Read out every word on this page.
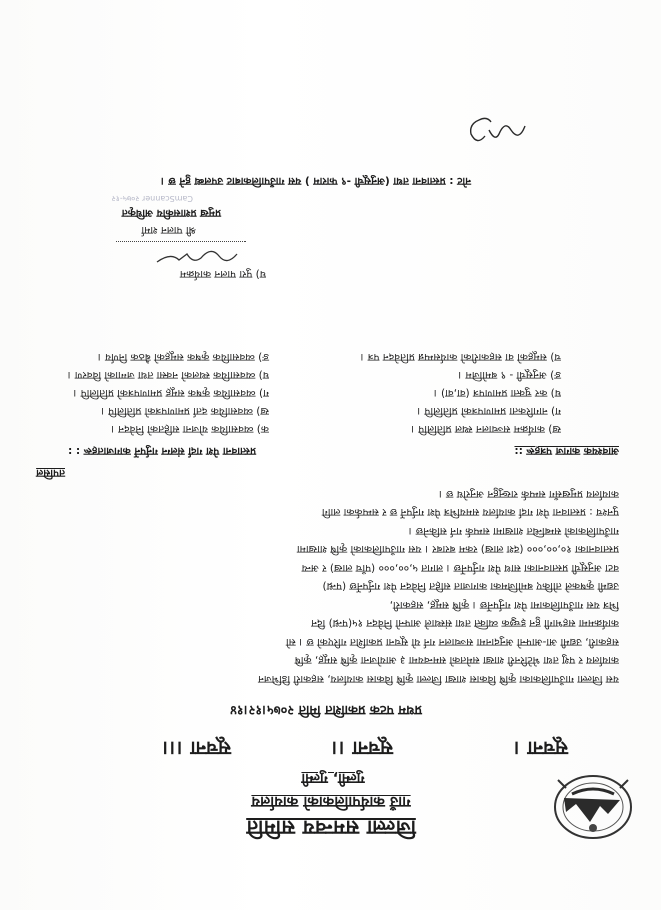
जिल्ला समन्वय समिति
गाउँ कार्यपालिकाको कार्यालय
गुल्मी, गुल्मी
सूचना ।
सूचना ।।
सूचना ।।।
प्रथम पटक प्रकाशित मिति २०७५।१२।१४
यस जिल्ला गाउँपालिकाका कृषि विकास शाखा जिल्ला कृषि विकास कार्यालय, सहकारी डिभिजन
कार्यालय र पशु तथा भेटेरिनरी शाखा समेतको समन्वयमा ३ आयोजना कृषि समूह, कृषि
सहकारी, उद्यमी आ-आफ्नो अनुदानमा सञ्चालन गर्न यो सूचना प्रकाशित गरिएको छ । सो
कार्यक्रममा सहभागी हुन इच्छुक व्यक्ति तथा संस्थाले आफ्नो निवेदन १५(पन्ध्र) दिन
भित्र यस गाउँपालिकामा पेश गर्नुपर्नेछ । कृषि समूह, सहकारी,
उद्यमी कृषकले तोकिए बमोजिमका कागजात सहित निवेदन पेश गर्नुपर्नेछ (पन्ध्र)
वटा अनुसूची प्रस्तावनाका साथ पेश गर्नुपर्नेछ । लागत ५,००,००० (पाँच लाख) र अन्य
प्रस्तावनाका १०,००,००० (दश लाख) रकम बराबर । यस गाउँपालिकाको कृषि शाखामा
गाउँपालिकाको सम्बन्धित शाखामा सम्पर्क गर्न सकिनेछ ।
पुनश्च : प्रस्तावना पेश गर्दा कार्यालय समयभित्र पेश गर्नुपर्ने छ र सम्पर्कका लागि
कार्यालय प्रमुखसँग सम्पर्क राख्नुहुन अनुरोध छ ।
तपसिल
आवश्यक कागज पत्रहरू ::
प्रस्तावना पेश गर्दा संलग्न गर्नुपर्ने कागजातहरू : :
क) व्यवसायिक योजना सहितको निवेदन ।
ख) व्यवसायिक दर्ता प्रमाणपत्रको प्रतिलिपि ।
ग) व्यवसायिक कृषक समूह प्रमाणपत्रको प्रतिलिपि ।
घ) व्यवसायिक स्थलको नक्सा तथा जग्गाको विवरण ।
ङ) व्यवसायिक कृषक समूहको बैठक निर्णय ।
ख) कार्यक्रम सञ्चालन स्थल प्रतिलिपि ।
ग) नागरिकता प्रमाणपत्रको प्रतिलिपि ।
घ) कर चुक्ता प्रमाणपत्र (वा,वा) ।
ङ) अनुसूची - ९ बमोजिम ।
च) समूहको वा सहकारीको कार्यसम्पन्न प्रतिवेदन पत्र ।
घ) पुरा पालन कार्यक्रम
श्री पालन शर्मा
प्रमुख प्रशासकीय अधिकृत
CamScanner २०७५-१२
नोट : प्रस्तावना तथा (अनुसूची -९ फाराम ) यस गाउँपालिकाबाट उपलब्ध हुने छ ।
